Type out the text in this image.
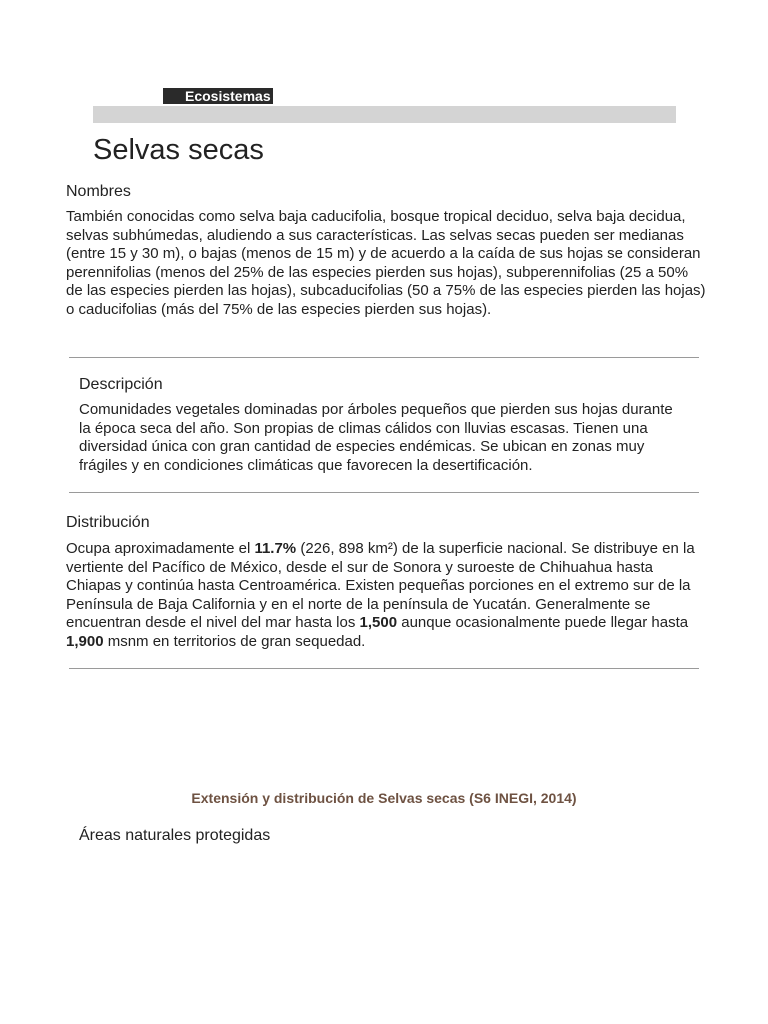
Ecosistemas
Selvas secas
Nombres

También conocidas como selva baja caducifolia, bosque tropical deciduo, selva baja decidua, selvas subhúmedas, aludiendo a sus características. Las selvas secas pueden ser medianas (entre 15 y 30 m), o bajas (menos de 15 m) y de acuerdo a la caída de sus hojas se consideran perennifolias (menos del 25% de las especies pierden sus hojas), subperennifolias (25 a 50% de las especies pierden las hojas), subcaducifolias (50 a 75% de las especies pierden las hojas) o caducifolias (más del 75% de las especies pierden sus hojas).

Descripción

Comunidades vegetales dominadas por árboles pequeños que pierden sus hojas durante la época seca del año. Son propias de climas cálidos con lluvias escasas. Tienen una diversidad única con gran cantidad de especies endémicas. Se ubican en zonas muy frágiles y en condiciones climáticas que favorecen la desertificación.

Distribución

Ocupa aproximadamente el 11.7% (226, 898 km²) de la superficie nacional. Se distribuye en la vertiente del Pacífico de México, desde el sur de Sonora y suroeste de Chihuahua hasta Chiapas y continúa hasta Centroamérica. Existen pequeñas porciones en el extremo sur de la Península de Baja California y en el norte de la península de Yucatán. Generalmente se encuentran desde el nivel del mar hasta los 1,500 aunque ocasionalmente puede llegar hasta 1,900 msnm en territorios de gran sequedad.

Extensión y distribución de Selvas secas (S6 INEGI, 2014)

Áreas naturales protegidas
